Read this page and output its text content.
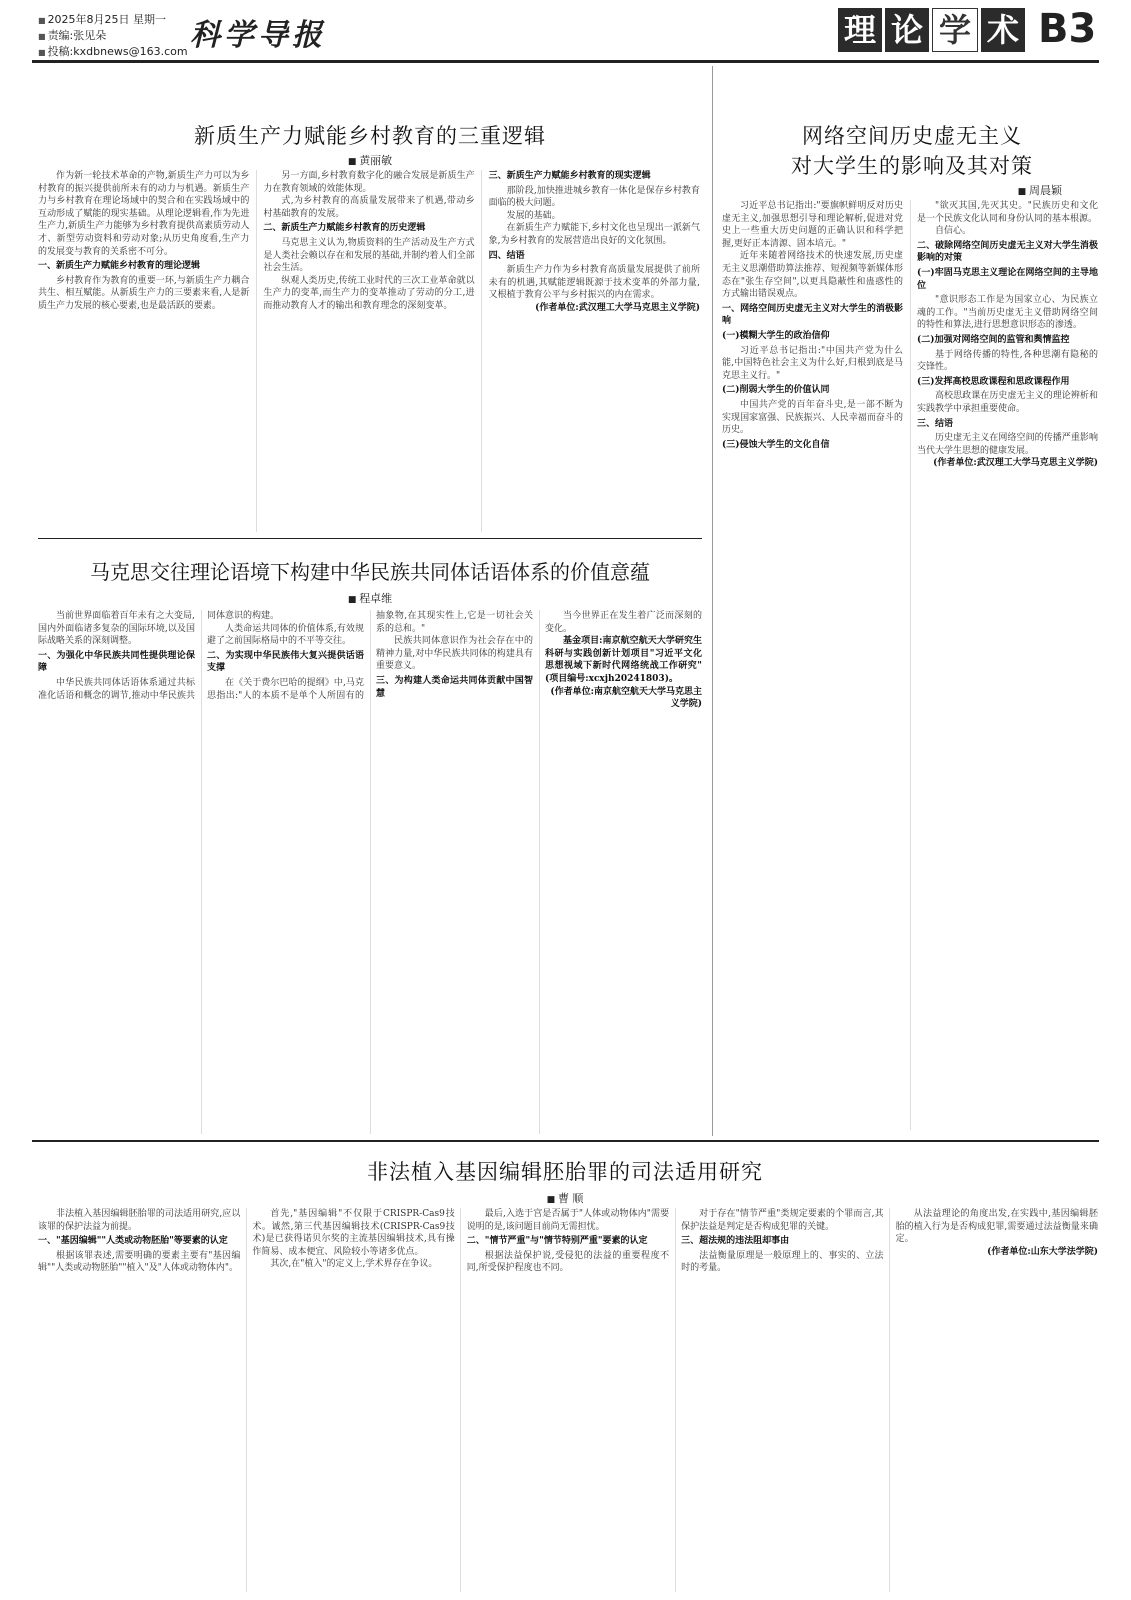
■ 2025年8月25日 星期一
■ 责编:张见朵
■ 投稿:kxdbnews@163.com 科学导报	理 论 学 术 B3
新质生产力赋能乡村教育的三重逻辑
■ 黄丽敏

作为新一轮技术革命的产物,新质生产力可以为乡村教育的振兴提供前所未有的动力与机遇。新质生产力与乡村教育在理论场域中的契合和在实践场域中的互动形成了赋能的现实基础。从理论逻辑看,作为先进生产力,新质生产力能够为乡村教育提供高素质劳动人才、新型劳动资料和劳动对象;从历史角度看,生产力的发展变与教育的关系密不可分。

一、新质生产力赋能乡村教育的理论逻辑

乡村教育作为教育的重要一环,与新质生产力耦合共生、相互赋能。从新质生产力的三要素来看,人是新质生产力发展的核心要素,也是最活跃的要素。

另一方面,乡村教育数字化的融合发展是新质生产力在教育领域的效能体现。

式,为乡村教育的高质量发展带来了机遇,带动乡村基础教育的发展。

二、新质生产力赋能乡村教育的历史逻辑

马克思主义认为,物质资料的生产活动及生产方式是人类社会赖以存在和发展的基础,并制约着人们全部社会生活。

纵观人类历史,传统工业时代的三次工业革命就以生产力的变革,而生产力的变革推动了劳动的分工,进而推动教育人才的输出和教育理念的深刻变革。

三、新质生产力赋能乡村教育的现实逻辑

那阶段,加快推进城乡教育一体化是保存乡村教育面临的极大问题。

发展的基础。

在新质生产力赋能下,乡村文化也呈现出一派新气象,为乡村教育的发展营造出良好的文化氛围。

四、结语

新质生产力作为乡村教育高质量发展提供了前所未有的机遇,其赋能逻辑既源于技术变革的外部力量,又根植于教育公平与乡村振兴的内在需求。

(作者单位:武汉理工大学马克思主义学院)

网络空间历史虚无主义
对大学生的影响及其对策
■ 周晨颖

习近平总书记指出:"要旗帜鲜明反对历史虚无主义,加强思想引导和理论解析,促进对党史上一些重大历史问题的正确认识和科学把握,更好正本清源、固本培元。"

近年来随着网络技术的快速发展,历史虚无主义思潮借助算法推荐、短视频等新媒体形态在"张生存空间",以更具隐蔽性和蛊惑性的方式输出错误观点。

一、网络空间历史虚无主义对大学生的消极影响
(一)模糊大学生的政治信仰

习近平总书记指出:"中国共产党为什么能,中国特色社会主义为什么好,归根到底是马克思主义行。"

(二)削弱大学生的价值认同

中国共产党的百年奋斗史,是一部不断为实现国家富强、民族振兴、人民幸福而奋斗的历史。

(三)侵蚀大学生的文化自信

"欲灭其国,先灭其史。"民族历史和文化是一个民族文化认同和身份认同的基本根源。

自信心。

二、破除网络空间历史虚无主义对大学生消极影响的对策
(一)牢固马克思主义理论在网络空间的主导地位

"意识形态工作是为国家立心、为民族立魂的工作。"当前历史虚无主义借助网络空间的特性和算法,进行思想意识形态的渗透。

(二)加强对网络空间的监管和舆情监控

基于网络传播的特性,各种思潮有隐秘的交锋性。

(三)发挥高校思政课程和思政课程作用

高校思政课在历史虚无主义的理论辨析和实践教学中承担重要使命。

三、结语

历史虚无主义在网络空间的传播严重影响当代大学生思想的健康发展。

(作者单位:武汉理工大学马克思主义学院)

马克思交往理论语境下构建中华民族共同体话语体系的价值意蕴
■ 程卓维

当前世界面临着百年未有之大变局,国内外面临诸多复杂的国际环境,以及国际战略关系的深刻调整。

一、为强化中华民族共同性提供理论保障

中华民族共同体话语体系通过共标准化话语和概念的调节,推动中华民族共同体意识的构建。

人类命运共同体的价值体系,有效规避了之前国际格局中的不平等交往。

二、为实现中华民族伟大复兴提供话语支撑

在《关于费尔巴哈的提纲》中,马克思指出:"人的本质不是单个人所固有的抽象物,在其现实性上,它是一切社会关系的总和。"

民族共同体意识作为社会存在中的精神力量,对中华民族共同体的构建具有重要意义。

三、为构建人类命运共同体贡献中国智慧

当今世界正在发生着广泛而深刻的变化。

基金项目:南京航空航天大学研究生科研与实践创新计划项目"习近平文化思想视域下新时代网络统战工作研究"(项目编号:xcxjh20241803)。

(作者单位:南京航空航天大学马克思主义学院)

非法植入基因编辑胚胎罪的司法适用研究
■ 曹 顺

非法植入基因编辑胚胎罪的司法适用研究,应以该罪的保护法益为前提。

一、"基因编辑""人类或动物胚胎"等要素的认定

根据该罪表述,需要明确的要素主要有"基因编辑""人类或动物胚胎""植入"及"人体或动物体内"。

首先,"基因编辑"不仅限于CRISPR-Cas9技术。诚然,第三代基因编辑技术(CRISPR-Cas9技术)是已获得诺贝尔奖的主流基因编辑技术,具有操作简易、成本便宜、风险较小等诸多优点。

其次,在"植入"的定义上,学术界存在争议。

最后,入选于宫是否属于"人体或动物体内"需要说明的是,该问题目前尚无需担忧。

二、"情节严重"与"情节特别严重"要素的认定

根据法益保护说,受侵犯的法益的重要程度不同,所受保护程度也不同。

对于存在"情节严重"类规定要素的个罪而言,其保护法益是判定是否构成犯罪的关键。

三、超法规的违法阻却事由

法益衡量原理是一般原理上的、事实的、立法时的考量。

从法益理论的角度出发,在实践中,基因编辑胚胎的植入行为是否构成犯罪,需要通过法益衡量来确定。

(作者单位:山东大学法学院)
